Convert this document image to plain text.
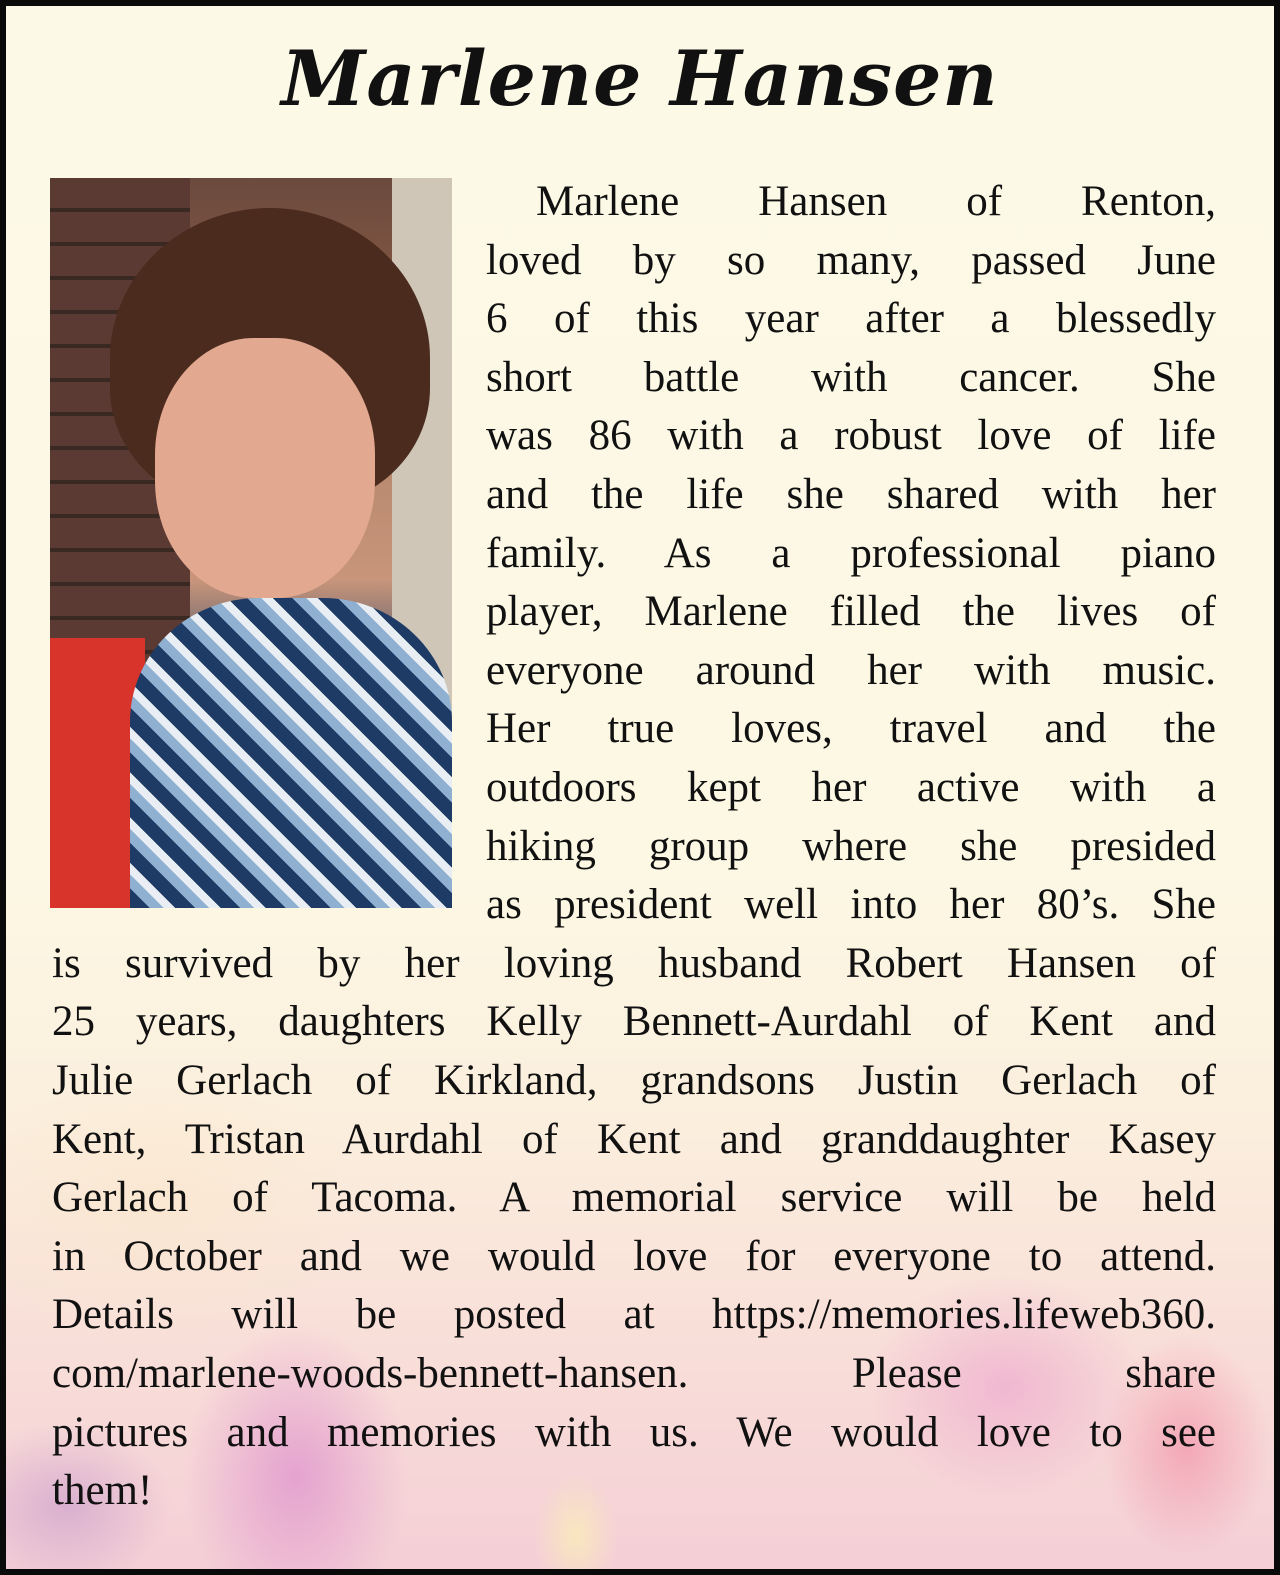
Marlene Hansen
Marlene Hansen of Renton,
loved by so many, passed June
6 of this year after a blessedly
short battle with cancer. She
was 86 with a robust love of life
and the life she shared with her
family. As a professional piano
player, Marlene filled the lives of
everyone around her with music.
Her true loves, travel and the
outdoors kept her active with a
hiking group where she presided
as president well into her 80’s. She
is survived by her loving husband Robert Hansen of
25 years, daughters Kelly Bennett-Aurdahl of Kent and
Julie Gerlach of Kirkland, grandsons Justin Gerlach of
Kent, Tristan Aurdahl of Kent and granddaughter Kasey
Gerlach of Tacoma. A memorial service will be held
in October and we would love for everyone to attend.
Details will be posted at https://memories.lifeweb360.
com/marlene-woods-bennett-hansen. Please share
pictures and memories with us. We would love to see
them!
